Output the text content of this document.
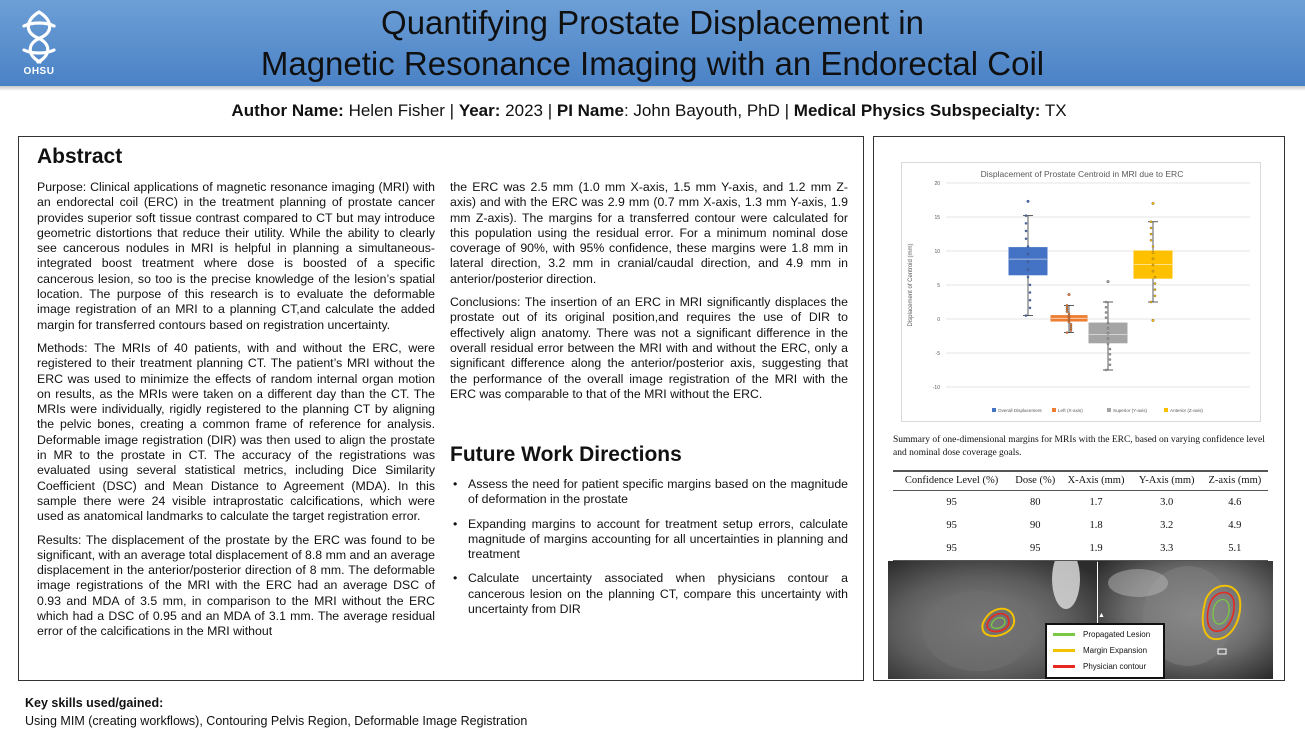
OHSU
Quantifying Prostate Displacement in
Magnetic Resonance Imaging with an Endorectal Coil
Author Name: Helen Fisher | Year: 2023 | PI Name: John Bayouth, PhD | Medical Physics Subspecialty: TX
Abstract

Purpose: Clinical applications of magnetic resonance imaging (MRI) with an endorectal coil (ERC) in the treatment planning of prostate cancer provides superior soft tissue contrast compared to CT but may introduce geometric distortions that reduce their utility. While the ability to clearly see cancerous nodules in MRI is helpful in planning a simultaneous-integrated boost treatment where dose is boosted of a specific cancerous lesion, so too is the precise knowledge of the lesion’s spatial location. The purpose of this research is to evaluate the deformable image registration of an MRI to a planning CT,and calculate the added margin for transferred contours based on registration uncertainty.

Methods: The MRIs of 40 patients, with and without the ERC, were registered to their treatment planning CT. The patient’s MRI without the ERC was used to minimize the effects of random internal organ motion on results, as the MRIs were taken on a different day than the CT. The MRIs were individually, rigidly registered to the planning CT by aligning the pelvic bones, creating a common frame of reference for analysis. Deformable image registration (DIR) was then used to align the prostate in MR to the prostate in CT. The accuracy of the registrations was evaluated using several statistical metrics, including Dice Similarity Coefficient (DSC) and Mean Distance to Agreement (MDA). In this sample there were 24 visible intraprostatic calcifications, which were used as anatomical landmarks to calculate the target registration error.

Results: The displacement of the prostate by the ERC was found to be significant, with an average total displacement of 8.8 mm and an average displacement in the anterior/posterior direction of 8 mm. The deformable image registrations of the MRI with the ERC had an average DSC of 0.93 and MDA of 3.5 mm, in comparison to the MRI without the ERC which had a DSC of 0.95 and an MDA of 3.1 mm. The average residual error of the calcifications in the MRI without

the ERC was 2.5 mm (1.0 mm X-axis, 1.5 mm Y-axis, and 1.2 mm Z-axis) and with the ERC was 2.9 mm (0.7 mm X-axis, 1.3 mm Y-axis, 1.9 mm Z-axis). The margins for a transferred contour were calculated for this population using the residual error. For a minimum nominal dose coverage of 90%, with 95% confidence, these margins were 1.8 mm in lateral direction, 3.2 mm in cranial/caudal direction, and 4.9 mm in anterior/posterior direction.

Conclusions: The insertion of an ERC in MRI significantly displaces the prostate out of its original position,and requires the use of DIR to effectively align anatomy. There was not a significant difference in the overall residual error between the MRI with and without the ERC, only a significant difference along the anterior/posterior axis, suggesting that the performance of the overall image registration of the MRI with the ERC was comparable to that of the MRI without the ERC.

Future Work Directions
• Assess the need for patient specific margins based on the magnitude of deformation in the prostate
• Expanding margins to account for treatment setup errors, calculate magnitude of margins accounting for all uncertainties in planning and treatment
• Calculate uncertainty associated when physicians contour a cancerous lesion on the planning CT, compare this uncertainty with uncertainty from DIR
Displacement of Prostate Centroid in MRI due to ERC
-10
-5
0
5
10
15
20
Displacement of Centroid (mm)
Overall Displacement	Left (X-axis)	Superior (Y-axis)	Anterior (Z-axis)
Summary of one-dimensional margins for MRIs with the ERC, based on varying confidence level and nominal dose coverage goals.
Confidence Level (%)	Dose (%)	X-Axis (mm)	Y-Axis (mm)	Z-axis (mm)
95	80	1.7	3.0	4.6
95	90	1.8	3.2	4.9
95	95	1.9	3.3	5.1
▲
Propagated Lesion
Margin Expansion
Physician contour
Key skills used/gained:
Using MIM (creating workflows), Contouring Pelvis Region, Deformable Image Registration
